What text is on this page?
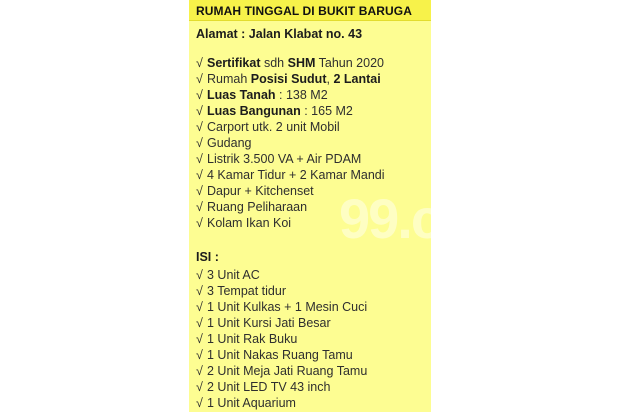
RUMAH TINGGAL DI BUKIT BARUGA
Alamat : Jalan Klabat no. 43
√ Sertifikat sdh SHM Tahun 2020
√ Rumah Posisi Sudut, 2 Lantai
√ Luas Tanah : 138 M2
√ Luas Bangunan : 165 M2
√ Carport utk. 2 unit Mobil
√ Gudang
√ Listrik 3.500 VA + Air PDAM
√ 4 Kamar Tidur + 2 Kamar Mandi
√ Dapur + Kitchenset
√ Ruang Peliharaan
√ Kolam Ikan Koi
ISI :
√ 3 Unit AC
√ 3 Tempat tidur
√ 1 Unit Kulkas + 1 Mesin Cuci
√ 1 Unit Kursi Jati Besar
√ 1 Unit Rak Buku
√ 1 Unit Nakas Ruang Tamu
√ 2 Unit Meja Jati Ruang Tamu
√ 2 Unit LED TV 43 inch
√ 1 Unit Aquarium
99.co
